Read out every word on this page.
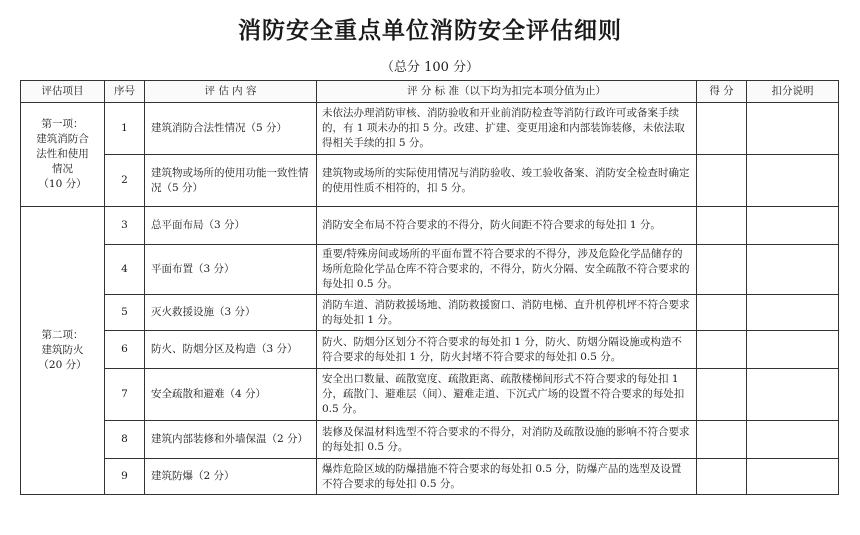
消防安全重点单位消防安全评估细则
（总分 100 分）
评估项目	序号	评 估 内 容	评 分 标 准（以下均为扣完本项分值为止）	得 分	扣分说明

第一项：
建筑消防合
法性和使用
情况
（10 分）	1	建筑消防合法性情况（5 分）	未依法办理消防审核、消防验收和开业前消防检查等消防行政许可或备案手续的，有 1 项未办的扣 5 分。改建、扩建、变更用途和内部装饰装修，未依法取得相关手续的扣 5 分。		
	2	建筑物或场所的使用功能一致性情况（5 分）	建筑物或场所的实际使用情况与消防验收、竣工验收备案、消防安全检查时确定的使用性质不相符的，扣 5 分。		

第二项：
建筑防火
（20 分）	3	总平面布局（3 分）	消防安全布局不符合要求的不得分，防火间距不符合要求的每处扣 1 分。		
	4	平面布置（3 分）	重要/特殊房间或场所的平面布置不符合要求的不得分，涉及危险化学品储存的场所危险化学品仓库不符合要求的，不得分，防火分隔、安全疏散不符合要求的每处扣 0.5 分。		
	5	灭火救援设施（3 分）	消防车道、消防救援场地、消防救援窗口、消防电梯、直升机停机坪不符合要求的每处扣 1 分。		
	6	防火、防烟分区及构造（3 分）	防火、防烟分区划分不符合要求的每处扣 1 分，防火、防烟分隔设施或构造不符合要求的每处扣 1 分，防火封堵不符合要求的每处扣 0.5 分。		
	7	安全疏散和避难（4 分）	安全出口数量、疏散宽度、疏散距离、疏散楼梯间形式不符合要求的每处扣 1 分，疏散门、避难层（间）、避难走道、下沉式广场的设置不符合要求的每处扣 0.5 分。		
	8	建筑内部装修和外墙保温（2 分）	装修及保温材料选型不符合要求的不得分，对消防及疏散设施的影响不符合要求的每处扣 0.5 分。		
	9	建筑防爆（2 分）	爆炸危险区域的防爆措施不符合要求的每处扣 0.5 分，防爆产品的选型及设置不符合要求的每处扣 0.5 分。		
